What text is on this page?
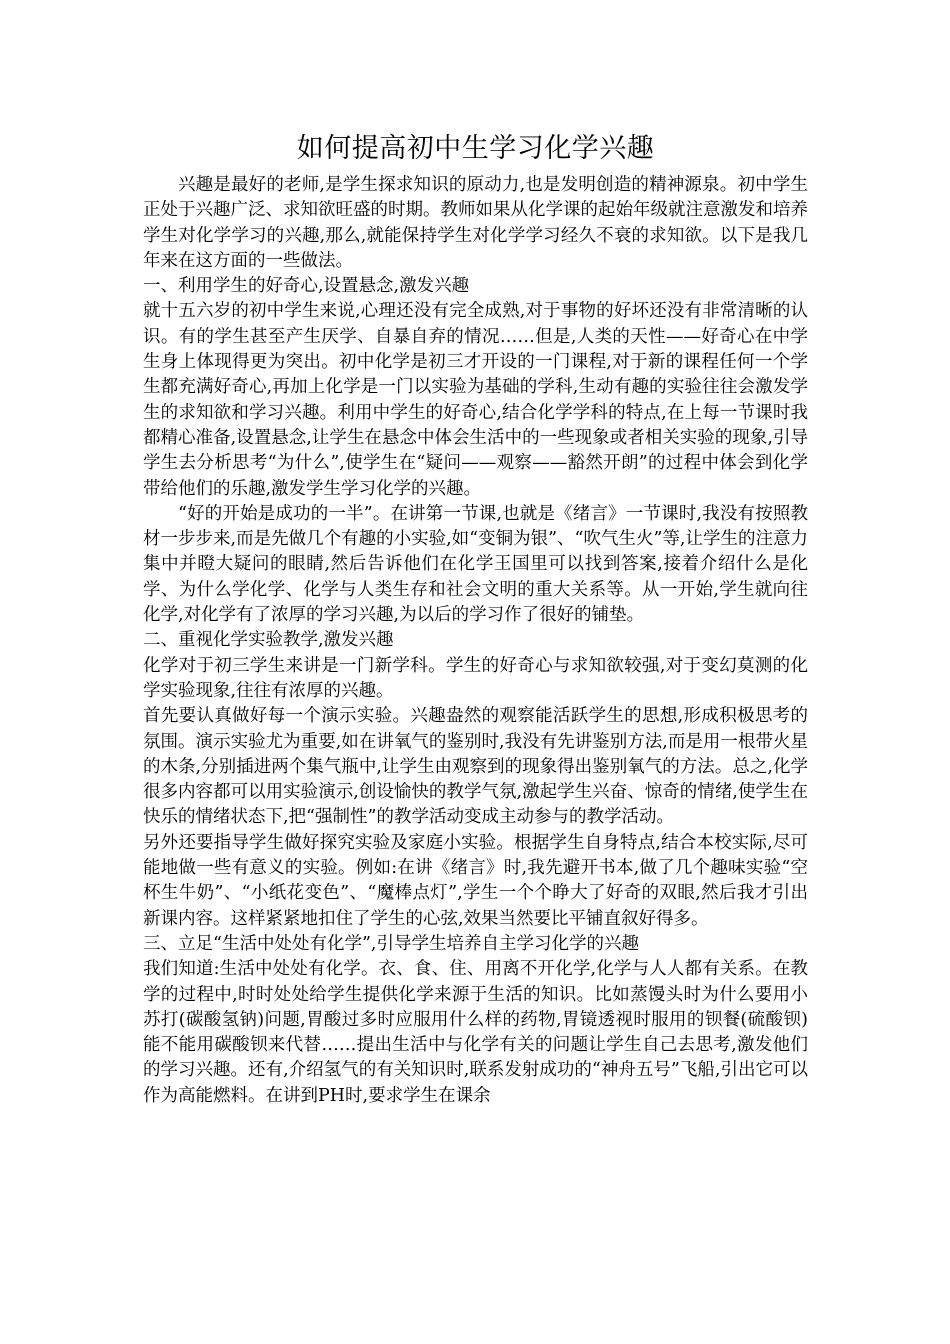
如何提高初中生学习化学兴趣

兴趣是最好的老师,是学生探求知识的原动力,也是发明创造的精神源泉。初中学生正处于兴趣广泛、求知欲旺盛的时期。教师如果从化学课的起始年级就注意激发和培养学生对化学学习的兴趣,那么,就能保持学生对化学学习经久不衰的求知欲。以下是我几年来在这方面的一些做法。

一、利用学生的好奇心,设置悬念,激发兴趣

就十五六岁的初中学生来说,心理还没有完全成熟,对于事物的好坏还没有非常清晰的认识。有的学生甚至产生厌学、自暴自弃的情况……但是,人类的天性——好奇心在中学生身上体现得更为突出。初中化学是初三才开设的一门课程,对于新的课程任何一个学生都充满好奇心,再加上化学是一门以实验为基础的学科,生动有趣的实验往往会激发学生的求知欲和学习兴趣。利用中学生的好奇心,结合化学学科的特点,在上每一节课时我都精心准备,设置悬念,让学生在悬念中体会生活中的一些现象或者相关实验的现象,引导学生去分析思考“为什么”,使学生在“疑问——观察——豁然开朗”的过程中体会到化学带给他们的乐趣,激发学生学习化学的兴趣。

“好的开始是成功的一半”。在讲第一节课,也就是《绪言》一节课时,我没有按照教材一步步来,而是先做几个有趣的小实验,如“变铜为银”、“吹气生火”等,让学生的注意力集中并瞪大疑问的眼睛,然后告诉他们在化学王国里可以找到答案,接着介绍什么是化学、为什么学化学、化学与人类生存和社会文明的重大关系等。从一开始,学生就向往化学,对化学有了浓厚的学习兴趣,为以后的学习作了很好的铺垫。

二、重视化学实验教学,激发兴趣

化学对于初三学生来讲是一门新学科。学生的好奇心与求知欲较强,对于变幻莫测的化学实验现象,往往有浓厚的兴趣。

首先要认真做好每一个演示实验。兴趣盎然的观察能活跃学生的思想,形成积极思考的氛围。演示实验尤为重要,如在讲氧气的鉴别时,我没有先讲鉴别方法,而是用一根带火星的木条,分别插进两个集气瓶中,让学生由观察到的现象得出鉴别氧气的方法。总之,化学很多内容都可以用实验演示,创设愉快的教学气氛,激起学生兴奋、惊奇的情绪,使学生在快乐的情绪状态下,把“强制性”的教学活动变成主动参与的教学活动。

另外还要指导学生做好探究实验及家庭小实验。根据学生自身特点,结合本校实际,尽可能地做一些有意义的实验。例如:在讲《绪言》时,我先避开书本,做了几个趣味实验“空杯生牛奶”、“小纸花变色”、“魔棒点灯”,学生一个个睁大了好奇的双眼,然后我才引出新课内容。这样紧紧地扣住了学生的心弦,效果当然要比平铺直叙好得多。

三、立足“生活中处处有化学”,引导学生培养自主学习化学的兴趣

我们知道:生活中处处有化学。衣、食、住、用离不开化学,化学与人人都有关系。在教学的过程中,时时处处给学生提供化学来源于生活的知识。比如蒸馒头时为什么要用小苏打(碳酸氢钠)问题,胃酸过多时应服用什么样的药物,胃镜透视时服用的钡餐(硫酸钡)能不能用碳酸钡来代替……提出生活中与化学有关的问题让学生自己去思考,激发他们的学习兴趣。还有,介绍氢气的有关知识时,联系发射成功的“神舟五号”飞船,引出它可以作为高能燃料。在讲到PH时,要求学生在课余
